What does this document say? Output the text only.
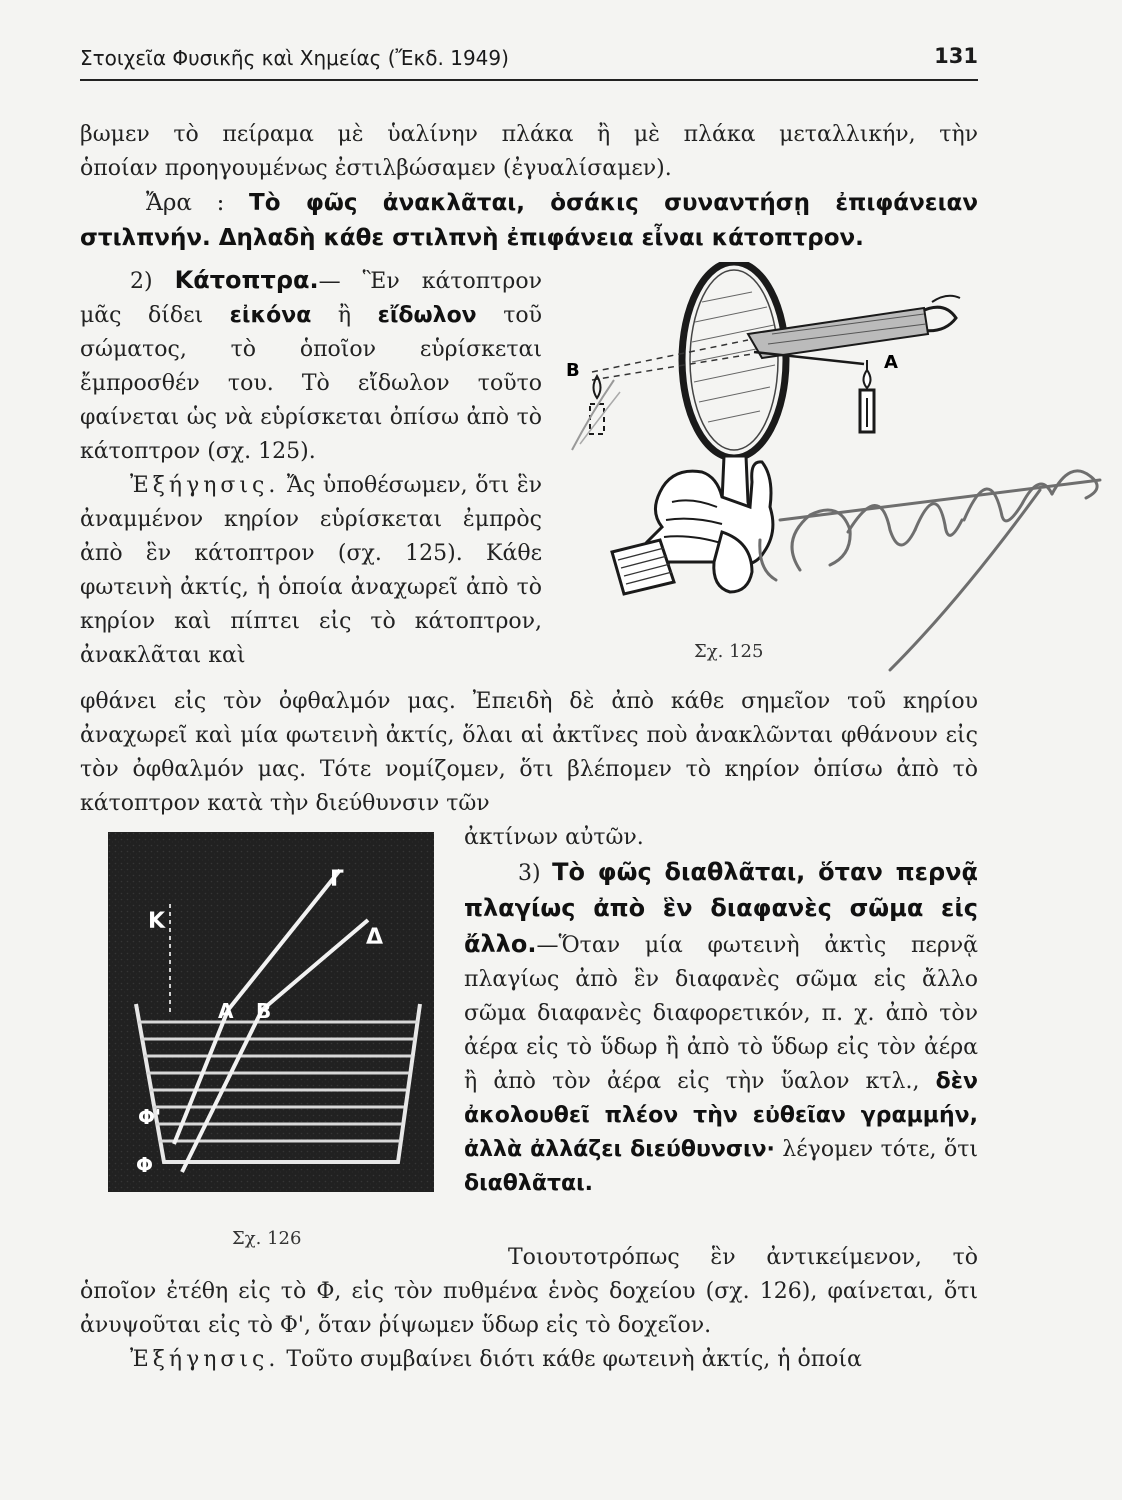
Στοιχεῖα Φυσικῆς καὶ Χημείας (Ἔκδ. 1949)	131

βωμεν τὸ πείραμα μὲ ὑαλίνην πλάκα ἢ μὲ πλάκα μεταλλικήν, τὴν

ὁποίαν προηγουμένως ἐστιλβώσαμεν (ἐγυαλίσαμεν).

Ἄρα : Τὸ φῶς ἀνακλᾶται, ὁσάκις συναντήσῃ ἐπιφάνειαν στιλπνήν. Δηλαδὴ κάθε στιλπνὴ ἐπιφάνεια εἶναι κάτοπτρον.

2) Κάτοπτρα.— Ἓν κάτοπτρον μᾶς δίδει εἰκόνα ἢ εἴδωλον τοῦ σώματος, τὸ ὁποῖον εὑρίσκεται ἔμπροσθέν του. Τὸ εἴδωλον τοῦτο φαίνεται ὡς νὰ εὑρίσκεται ὀπίσω ἀπὸ τὸ κάτοπτρον (σχ. 125).

Ἐξήγησις. Ἄς ὑποθέσωμεν, ὅτι ἓν ἀναμμένον κηρίον εὑρίσκεται ἐμπρὸς ἀπὸ ἓν κάτοπτρον (σχ. 125). Κάθε φωτεινὴ ἀκτίς, ἡ ὁποία ἀναχωρεῖ ἀπὸ τὸ κηρίον καὶ πίπτει εἰς τὸ κάτοπτρον, ἀνακλᾶται καὶ

Α
Β
Σχ. 125

φθάνει εἰς τὸν ὀφθαλμόν μας. Ἐπειδὴ δὲ ἀπὸ κάθε σημεῖον τοῦ κηρίου ἀναχωρεῖ καὶ μία φωτεινὴ ἀκτίς, ὅλαι αἱ ἀκτῖνες ποὺ ἀνακλῶνται φθάνουν εἰς τὸν ὀφθαλμόν μας. Τότε νομίζομεν, ὅτι βλέπομεν τὸ κηρίον ὀπίσω ἀπὸ τὸ κάτοπτρον κατὰ τὴν διεύθυνσιν τῶν

ἀκτίνων αὐτῶν.

Κ
Γ
Δ
Α Β
Φ'
Φ
Σχ. 126

3) Τὸ φῶς διαθλᾶται, ὅταν περνᾷ πλαγίως ἀπὸ ἓν διαφανὲς σῶμα εἰς ἄλλο.—Ὅταν μία φωτεινὴ ἀκτὶς περνᾷ πλαγίως ἀπὸ ἓν διαφανὲς σῶμα εἰς ἄλλο σῶμα διαφανὲς διαφορετικόν, π. χ. ἀπὸ τὸν ἀέρα εἰς τὸ ὕδωρ ἢ ἀπὸ τὸ ὕδωρ εἰς τὸν ἀέρα ἢ ἀπὸ τὸν ἀέρα εἰς τὴν ὕαλον κτλ., δὲν ἀκολουθεῖ πλέον τὴν εὐθεῖαν γραμμήν, ἀλλὰ ἀλλάζει διεύθυνσιν· λέγομεν τότε, ὅτι διαθλᾶται.

Τοιουτοτρόπως ἓν ἀντικείμενον, τὸ ὁποῖον ἐτέθη εἰς τὸ Φ, εἰς τὸν πυθμένα ἑνὸς δοχείου (σχ. 126), φαίνεται, ὅτι ἀνυψοῦται εἰς τὸ Φ', ὅταν ῥίψωμεν ὕδωρ εἰς τὸ δοχεῖον.

Ἐξήγησις. Τοῦτο συμβαίνει διότι κάθε φωτεινὴ ἀκτίς, ἡ ὁποία
